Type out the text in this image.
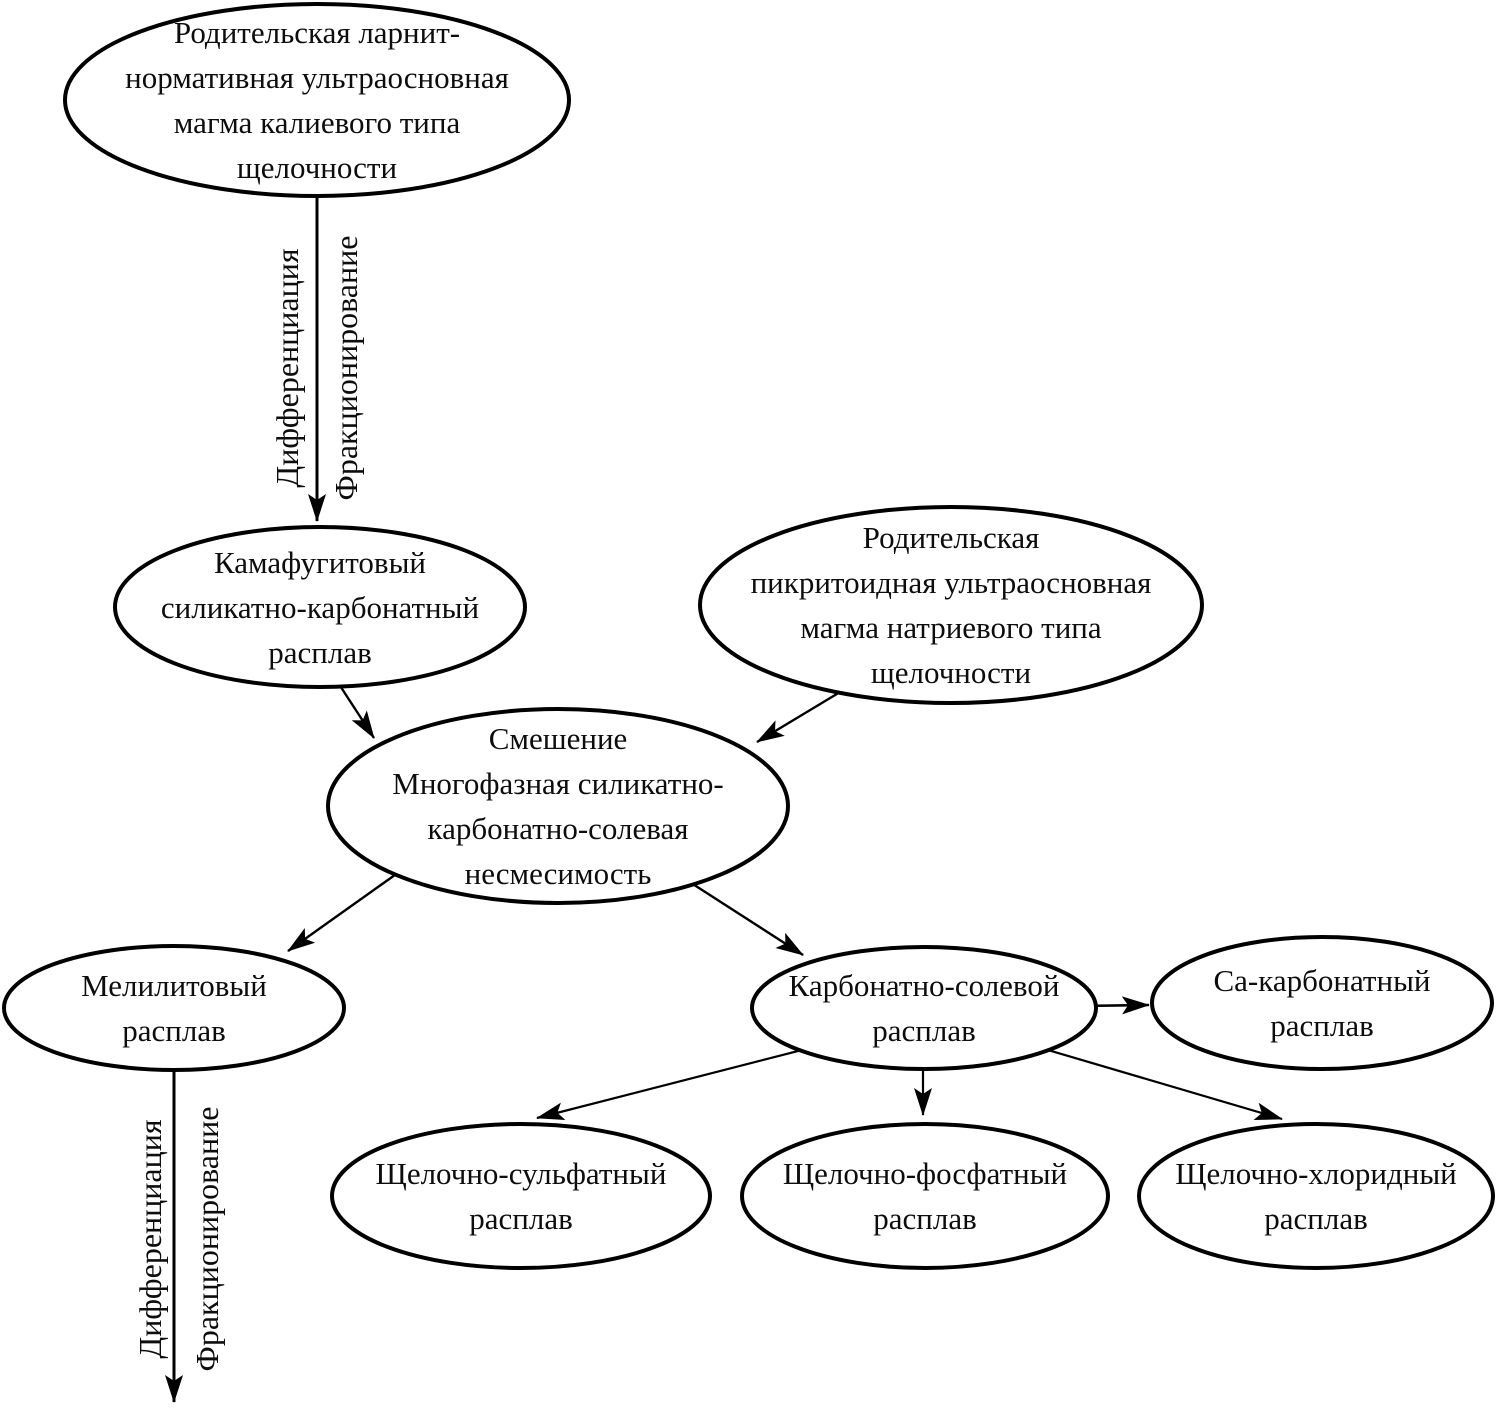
Родительская ларнит-
нормативная ультраосновная
магма калиевого типа
щелочности
Камафугитовый
силикатно-карбонатный
расплав
Родительская
пикритоидная ультраосновная
магма натриевого типа
щелочности
Смешение
Многофазная силикатно-
карбонатно-солевая
несмесимость
Мелилитовый
расплав
Карбонатно-солевой
расплав
Ca-карбонатный
расплав
Щелочно-сульфатный
расплав
Щелочно-фосфатный
расплав
Щелочно-хлоридный
расплав
Дифференциация Фракционирование
Дифференциация Фракционирование
